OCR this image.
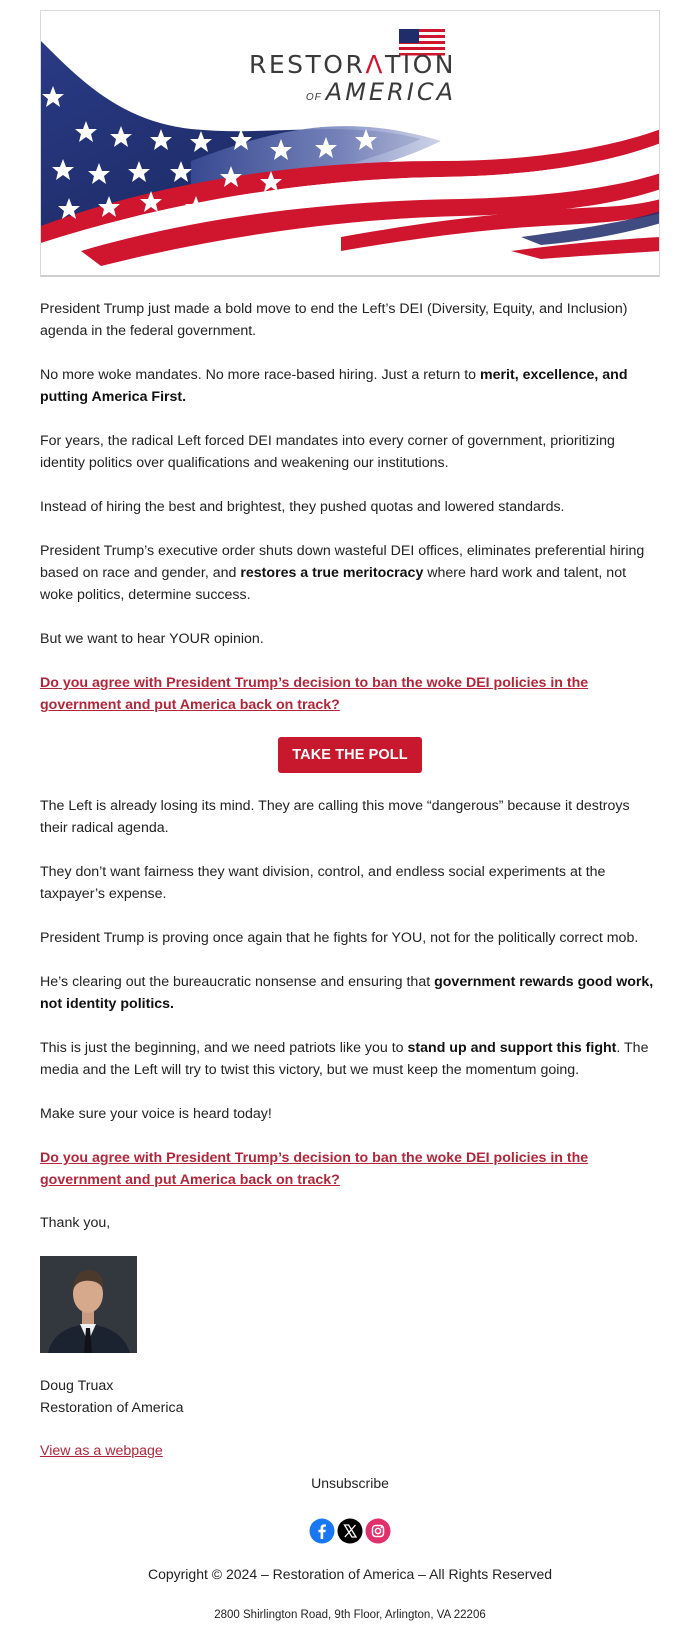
RESTORΛTION
OF AMERICA

President Trump just made a bold move to end the Left’s DEI (Diversity, Equity, and Inclusion) agenda in the federal government.

No more woke mandates. No more race-based hiring. Just a return to merit, excellence, and putting America First.

For years, the radical Left forced DEI mandates into every corner of government, prioritizing identity politics over qualifications and weakening our institutions.

Instead of hiring the best and brightest, they pushed quotas and lowered standards.

President Trump’s executive order shuts down wasteful DEI offices, eliminates preferential hiring based on race and gender, and restores a true meritocracy where hard work and talent, not woke politics, determine success.

But we want to hear YOUR opinion.

Do you agree with President Trump’s decision to ban the woke DEI policies in the government and put America back on track?
TAKE THE POLL

The Left is already losing its mind. They are calling this move “dangerous” because it destroys their radical agenda.

They don’t want fairness they want division, control, and endless social experiments at the taxpayer’s expense.

President Trump is proving once again that he fights for YOU, not for the politically correct mob.

He’s clearing out the bureaucratic nonsense and ensuring that government rewards good work, not identity politics.

This is just the beginning, and we need patriots like you to stand up and support this fight. The media and the Left will try to twist this victory, but we must keep the momentum going.

Make sure your voice is heard today!

Do you agree with President Trump’s decision to ban the woke DEI policies in the government and put America back on track?

Thank you,

Doug Truax

Restoration of America

View as a webpage
Unsubscribe
Copyright © 2024 – Restoration of America – All Rights Reserved
2800 Shirlington Road, 9th Floor, Arlington, VA 22206
